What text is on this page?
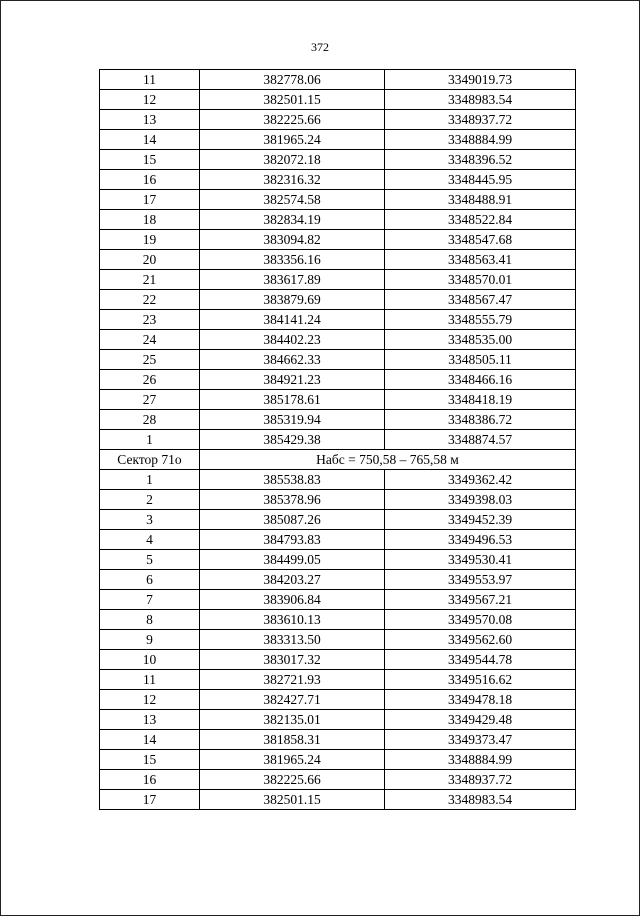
372
11	382778.06	3349019.73
12	382501.15	3348983.54
13	382225.66	3348937.72
14	381965.24	3348884.99
15	382072.18	3348396.52
16	382316.32	3348445.95
17	382574.58	3348488.91
18	382834.19	3348522.84
19	383094.82	3348547.68
20	383356.16	3348563.41
21	383617.89	3348570.01
22	383879.69	3348567.47
23	384141.24	3348555.79
24	384402.23	3348535.00
25	384662.33	3348505.11
26	384921.23	3348466.16
27	385178.61	3348418.19
28	385319.94	3348386.72
1	385429.38	3348874.57
Сектор 71о	Набс = 750,58 – 765,58 м	
1	385538.83	3349362.42
2	385378.96	3349398.03
3	385087.26	3349452.39
4	384793.83	3349496.53
5	384499.05	3349530.41
6	384203.27	3349553.97
7	383906.84	3349567.21
8	383610.13	3349570.08
9	383313.50	3349562.60
10	383017.32	3349544.78
11	382721.93	3349516.62
12	382427.71	3349478.18
13	382135.01	3349429.48
14	381858.31	3349373.47
15	381965.24	3348884.99
16	382225.66	3348937.72
17	382501.15	3348983.54
